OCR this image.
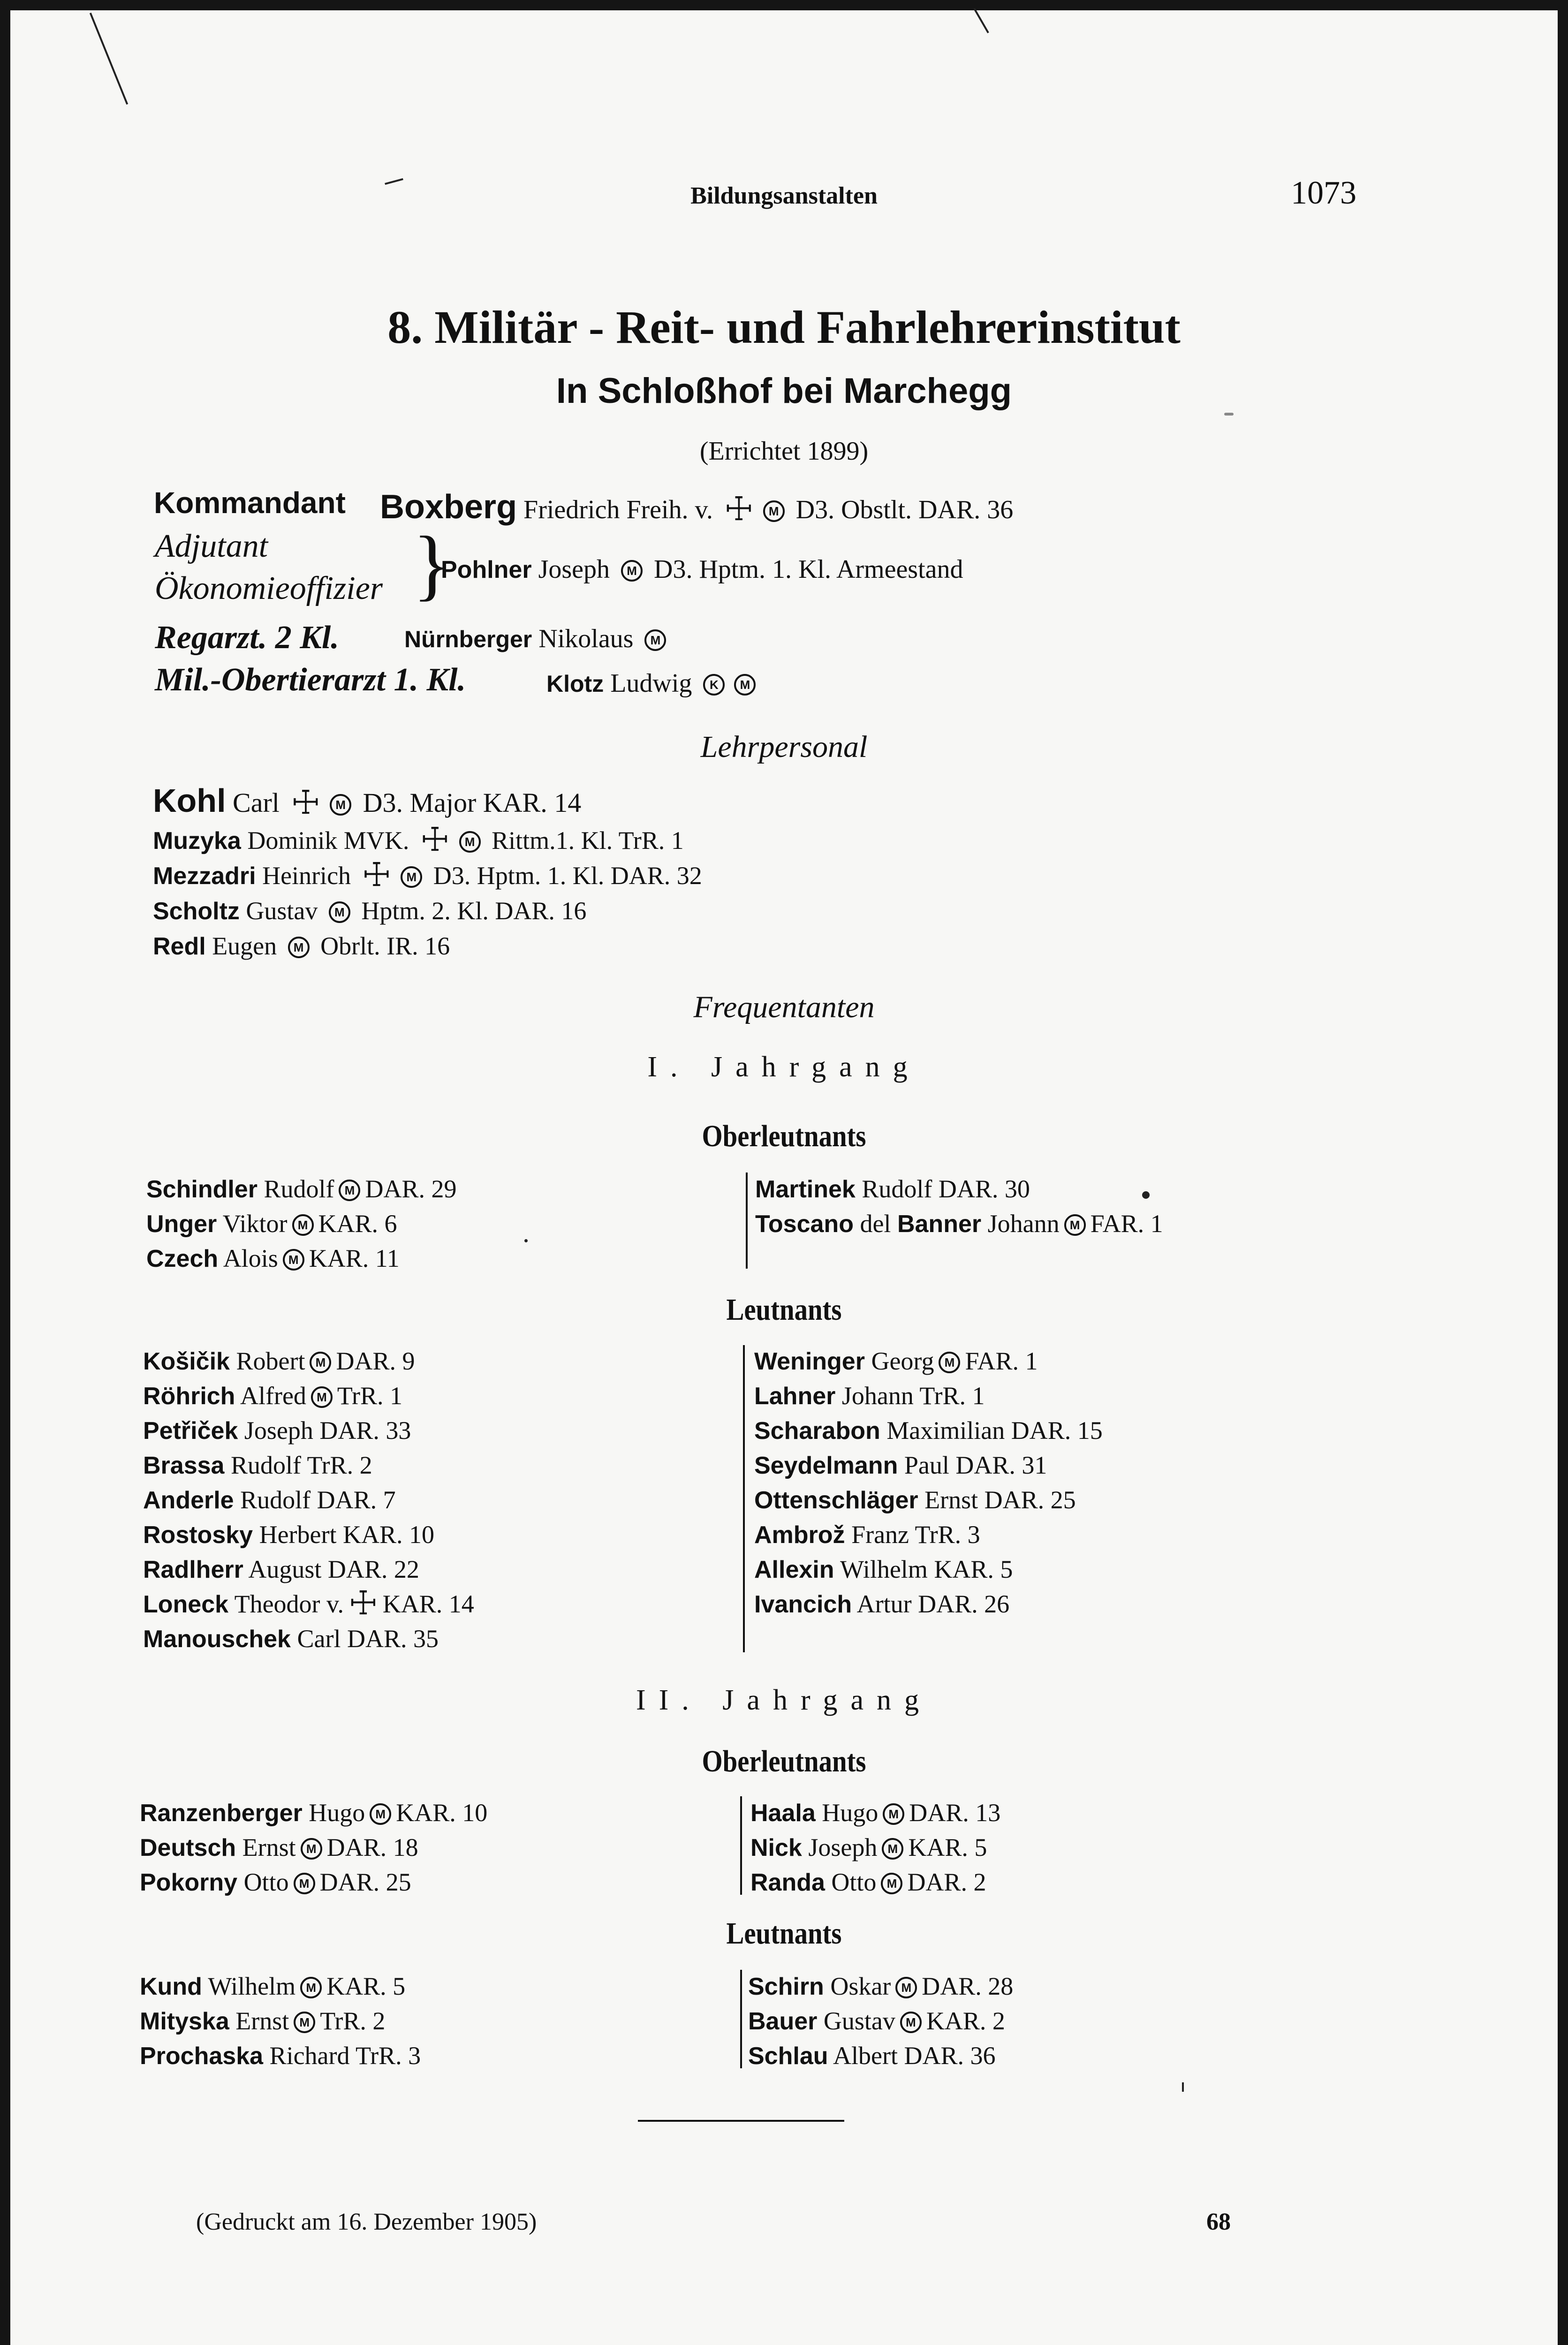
Bildungsanstalten	1073
8. Militär - Reit- und Fahrlehrerinstitut
In Schloßhof bei Marchegg
(Errichtet 1899)
Kommandant Boxberg Friedrich Freih. v. ☩ M D3. Obstlt. DAR. 36
Adjutant
Ökonomieoffizier }
Pohlner Joseph M D3. Hptm. 1. Kl. Armeestand
Regarzt. 2 Kl.	Nürnberger Nikolaus M
Mil.-Obertierarzt 1. Kl.	Klotz Ludwig K M
Lehrpersonal
Kohl Carl ☩ M D3. Major KAR. 14
Muzyka Dominik MVK. ☩ M Rittm.1. Kl. TrR. 1
Mezzadri Heinrich ☩ M D3. Hptm. 1. Kl. DAR. 32
Scholtz Gustav M Hptm. 2. Kl. DAR. 16
Redl Eugen M Obrlt. IR. 16
Frequentanten
I. Jahrgang
Oberleutnants
Schindler Rudolf M DAR. 29
Unger Viktor M KAR. 6
Czech Alois M KAR. 11
Martinek Rudolf DAR. 30
Toscano del Banner Johann M FAR. 1
Leutnants
Košičik Robert M DAR. 9
Röhrich Alfred M TrR. 1
Petřiček Joseph DAR. 33
Brassa Rudolf TrR. 2
Anderle Rudolf DAR. 7
Rostosky Herbert KAR. 10
Radlherr August DAR. 22
Loneck Theodor v. ☩ KAR. 14
Manouschek Carl DAR. 35
Weninger Georg M FAR. 1
Lahner Johann TrR. 1
Scharabon Maximilian DAR. 15
Seydelmann Paul DAR. 31
Ottenschläger Ernst DAR. 25
Ambrož Franz TrR. 3
Allexin Wilhelm KAR. 5
Ivancich Artur DAR. 26
II. Jahrgang
Oberleutnants
Ranzenberger Hugo M KAR. 10
Deutsch Ernst M DAR. 18
Pokorny Otto M DAR. 25
Haala Hugo M DAR. 13
Nick Joseph M KAR. 5
Randa Otto M DAR. 2
Leutnants
Kund Wilhelm M KAR. 5
Mityska Ernst M TrR. 2
Prochaska Richard TrR. 3
Schirn Oskar M DAR. 28
Bauer Gustav M KAR. 2
Schlau Albert DAR. 36
(Gedruckt am 16. Dezember 1905)	68
